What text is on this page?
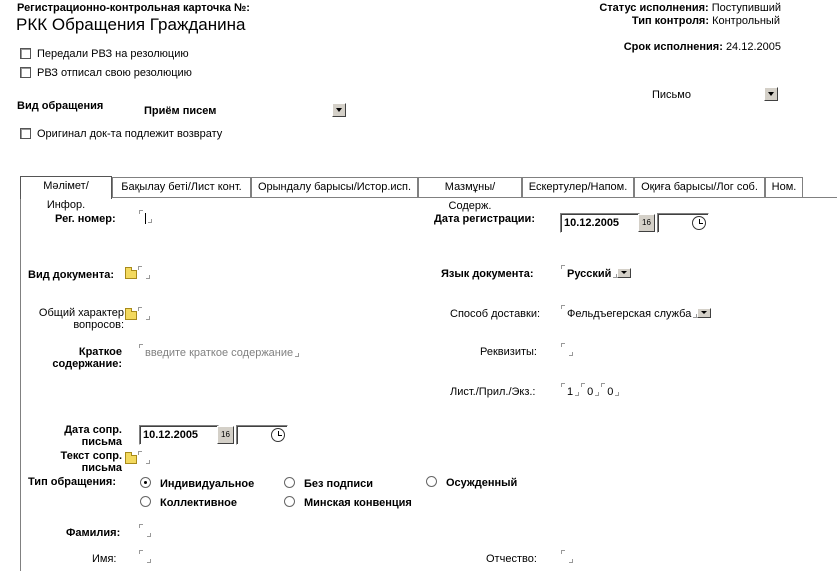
Регистрационно-контрольная карточка №:
РКК Обращения Гражданина
Статус исполнения: Поступивший
Тип контроля: Контрольный
Срок исполнения: 24.12.2005
Передали РВЗ на резолюцию
РВЗ отписал свою резолюцию
Вид обращения	Приём писем
Письмо
Оригинал док-та подлежит возврату
Мәлімет/Инфор.
Бақылау беті/Лист конт.	Орындалу барысы/Истор.исп.	Мазмұны/Содерж.
Ескертулер/Напом.	Оқиға барысы/Лог соб.	Ном.
Рег. номер:	Дата регистрации:	10.12.2005	16
Вид документа:	Язык документа:	Русский
Общий характер
вопросов:
Способ доставки:	Фельдъегерская служба
Краткое
содержание:
введите краткое содержание	Реквизиты:
Лист./Прил./Экз.:	1 0 0
Дата сопр.
письма
10.12.2005	16
Текст сопр.
письма
Тип обращения:	Индивидуальное	Без подписи	Осужденный
Коллективное	Минская конвенция
Фамилия:
Имя:	Отчество:
